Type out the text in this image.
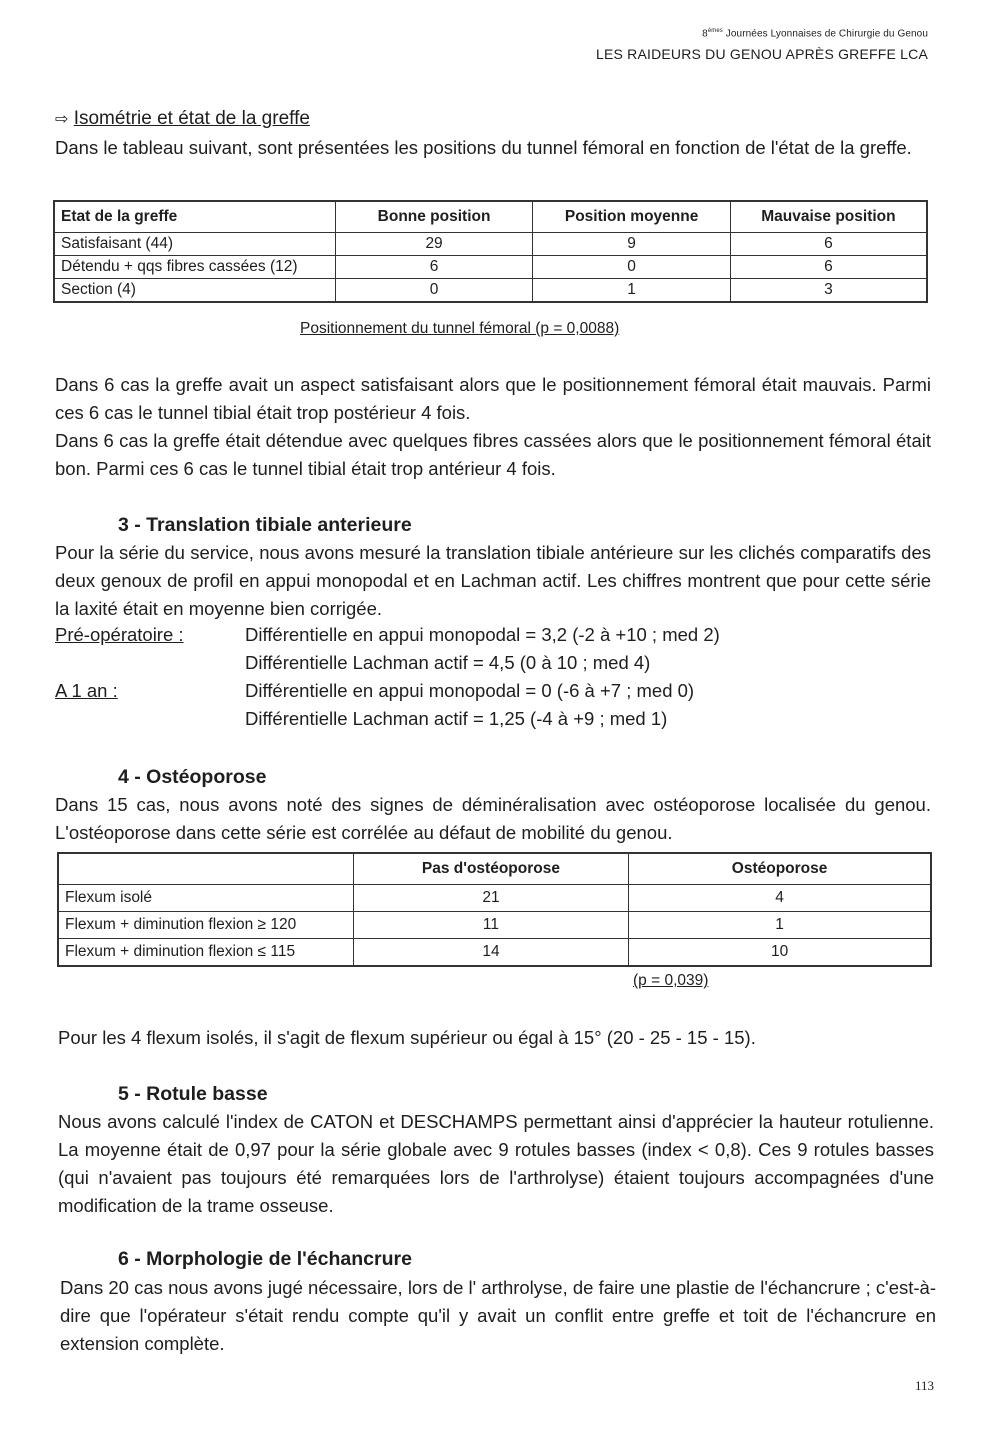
8èmes Journées Lyonnaises de Chirurgie du Genou
LES RAIDEURS DU GENOU APRÈS GREFFE LCA
⇨ Isométrie et état de la greffe

Dans le tableau suivant, sont présentées les positions du tunnel fémoral en fonction de l'état de la greffe.

Etat de la greffe	Bonne position	Position moyenne	Mauvaise position
Satisfaisant (44)	29	9	6
Détendu + qqs fibres cassées (12)	6	0	6
Section (4)	0	1	3
Positionnement du tunnel fémoral (p = 0,0088)

Dans 6 cas la greffe avait un aspect satisfaisant alors que le positionnement fémoral était mauvais. Parmi ces 6 cas le tunnel tibial était trop postérieur 4 fois.

Dans 6 cas la greffe était détendue avec quelques fibres cassées alors que le positionnement fémoral était bon. Parmi ces 6 cas le tunnel tibial était trop antérieur 4 fois.

3 - Translation tibiale anterieure

Pour la série du service, nous avons mesuré la translation tibiale antérieure sur les clichés comparatifs des deux genoux de profil en appui monopodal et en Lachman actif. Les chiffres montrent que pour cette série la laxité était en moyenne bien corrigée.

Pré-opératoire :	Différentielle en appui monopodal = 3,2 (-2 à +10 ; med 2)
Différentielle Lachman actif = 4,5 (0 à 10 ; med 4)
A 1 an :	Différentielle en appui monopodal = 0 (-6 à +7 ; med 0)
Différentielle Lachman actif = 1,25 (-4 à +9 ; med 1)
4 - Ostéoporose

Dans 15 cas, nous avons noté des signes de déminéralisation avec ostéoporose localisée du genou. L'ostéoporose dans cette série est corrélée au défaut de mobilité du genou.

	Pas d'ostéoporose	Ostéoporose
Flexum isolé	21	4
Flexum + diminution flexion ≥ 120	11	1
Flexum + diminution flexion ≤ 115	14	10
(p = 0,039)

Pour les 4 flexum isolés, il s'agit de flexum supérieur ou égal à 15° (20 - 25 - 15 - 15).

5 - Rotule basse

Nous avons calculé l'index de CATON et DESCHAMPS permettant ainsi d'apprécier la hauteur rotulienne. La moyenne était de 0,97 pour la série globale avec 9 rotules basses (index < 0,8). Ces 9 rotules basses (qui n'avaient pas toujours été remarquées lors de l'arthrolyse) étaient toujours accompagnées d'une modification de la trame osseuse.

6 - Morphologie de l'échancrure

Dans 20 cas nous avons jugé nécessaire, lors de l' arthrolyse, de faire une plastie de l'échancrure ; c'est-à-dire que l'opérateur s'était rendu compte qu'il y avait un conflit entre greffe et toit de l'échancrure en extension complète.

113
